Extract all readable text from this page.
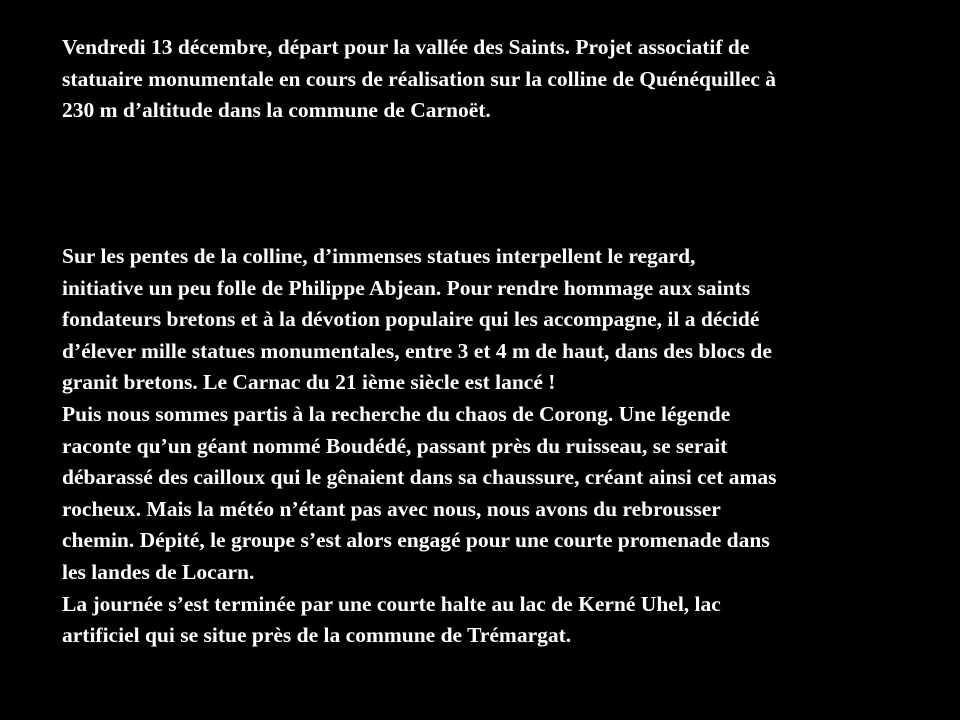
Vendredi 13 décembre, départ pour la vallée des Saints. Projet associatif de
statuaire monumentale en cours de réalisation sur la colline de Quénéquillec à
230 m d’altitude dans la commune de Carnoët.
Sur les pentes de la colline, d’immenses statues interpellent le regard,
initiative un peu folle de Philippe Abjean. Pour rendre hommage aux saints
fondateurs bretons et à la dévotion populaire qui les accompagne, il a décidé
d’élever mille statues monumentales, entre 3 et 4 m de haut, dans des blocs de
granit bretons. Le Carnac du 21 ième siècle est lancé !
Puis nous sommes partis à la recherche du chaos de Corong. Une légende
raconte qu’un géant nommé Boudédé, passant près du ruisseau, se serait
débarassé des cailloux qui le gênaient dans sa chaussure, créant ainsi cet amas
rocheux. Mais la météo n’étant pas avec nous, nous avons du rebrousser
chemin. Dépité, le groupe s’est alors engagé pour une courte promenade dans
les landes de Locarn.
La journée s’est terminée par une courte halte au lac de Kerné Uhel, lac
artificiel qui se situe près de la commune de Trémargat.
